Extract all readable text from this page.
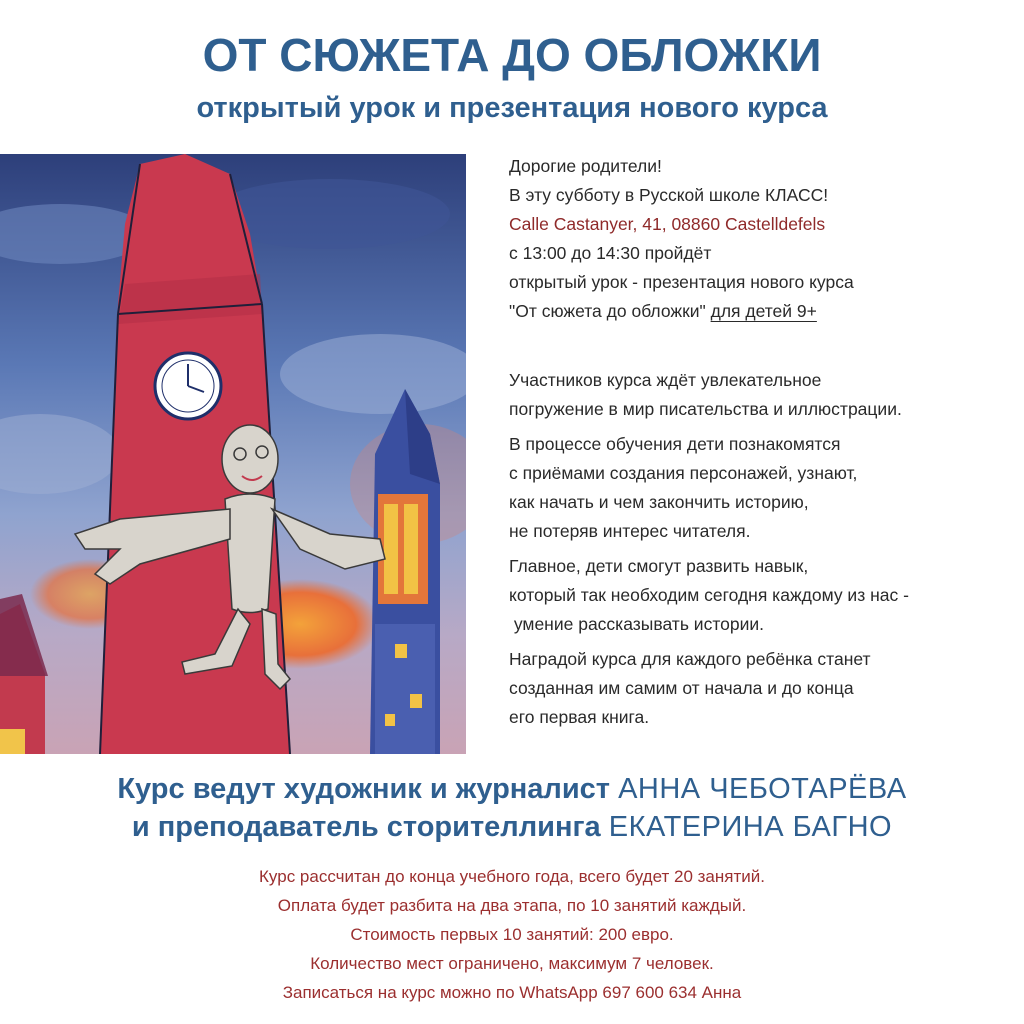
ОТ СЮЖЕТА ДО ОБЛОЖКИ
открытый урок и презентация нового курса
Дорогие родители!
В эту субботу в Русской школе КЛАСС!
Calle Castanyer, 41, 08860 Castelldefels
с 13:00 до 14:30 пройдёт
открытый урок - презентация нового курса
"От сюжета до обложки" для детей 9+
Участников курса ждёт увлекательное
погружение в мир писательства и иллюстрации.
В процессе обучения дети познакомятся
с приёмами создания персонажей, узнают,
как начать и чем закончить историю,
не потеряв интерес читателя.
Главное, дети смогут развить навык,
который так необходим сегодня каждому из нас -
умение рассказывать истории.
Наградой курса для каждого ребёнка станет
созданная им самим от начала и до конца
его первая книга.
Курс ведут художник и журналист АННА ЧЕБОТАРЁВА
и преподаватель сторителлинга ЕКАТЕРИНА БАГНО
Курс рассчитан до конца учебного года, всего будет 20 занятий.
Оплата будет разбита на два этапа, по 10 занятий каждый.
Стоимость первых 10 занятий: 200 евро.
Количество мест ограничено, максимум 7 человек.
Записаться на курс можно по WhatsApp 697 600 634 Анна
